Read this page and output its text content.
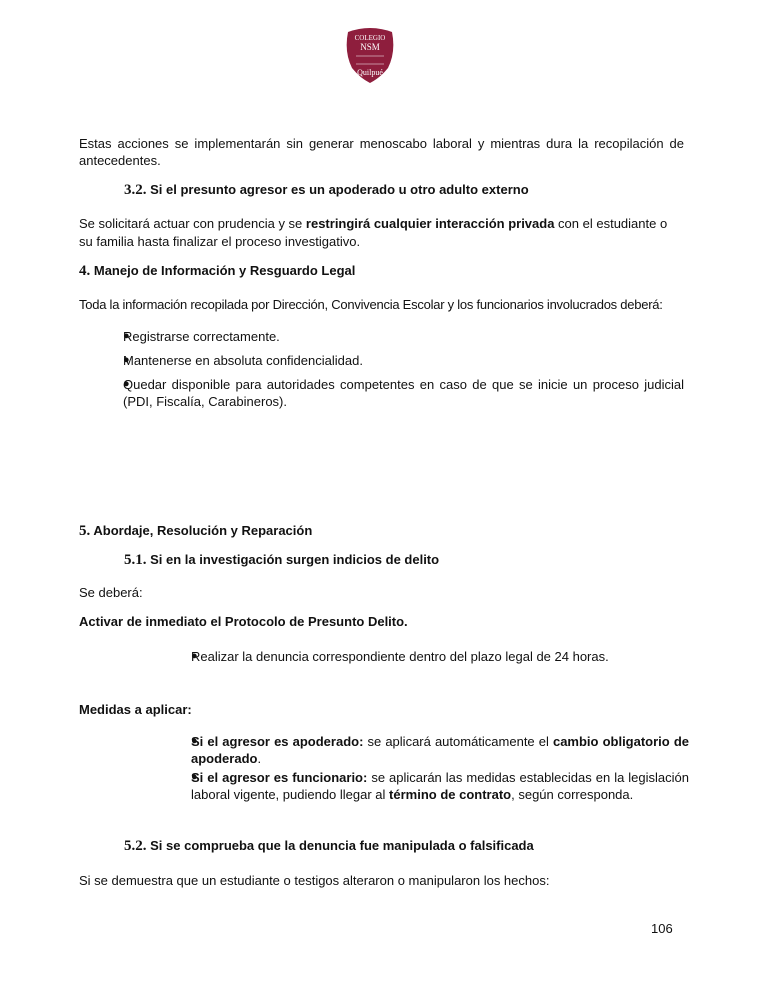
COLEGIO
NSM
Quilpué
Estas acciones se implementarán sin generar menoscabo laboral y mientras dura la recopilación de antecedentes.
3.2. Si el presunto agresor es un apoderado u otro adulto externo
Se solicitará actuar con prudencia y se restringirá cualquier interacción privada con el estudiante o su familia hasta finalizar el proceso investigativo.
4. Manejo de Información y Resguardo Legal
Toda la información recopilada por Dirección, Convivencia Escolar y los funcionarios involucrados deberá:
● Registrarse correctamente.
● Mantenerse en absoluta confidencialidad.
● Quedar disponible para autoridades competentes en caso de que se inicie un proceso judicial (PDI, Fiscalía, Carabineros).
5. Abordaje, Resolución y Reparación
5.1. Si en la investigación surgen indicios de delito
Se deberá:
Activar de inmediato el Protocolo de Presunto Delito.
● Realizar la denuncia correspondiente dentro del plazo legal de 24 horas.
Medidas a aplicar:
● Si el agresor es apoderado: se aplicará automáticamente el cambio obligatorio de apoderado.
● Si el agresor es funcionario: se aplicarán las medidas establecidas en la legislación laboral vigente, pudiendo llegar al término de contrato, según corresponda.
5.2. Si se comprueba que la denuncia fue manipulada o falsificada
Si se demuestra que un estudiante o testigos alteraron o manipularon los hechos:
106
